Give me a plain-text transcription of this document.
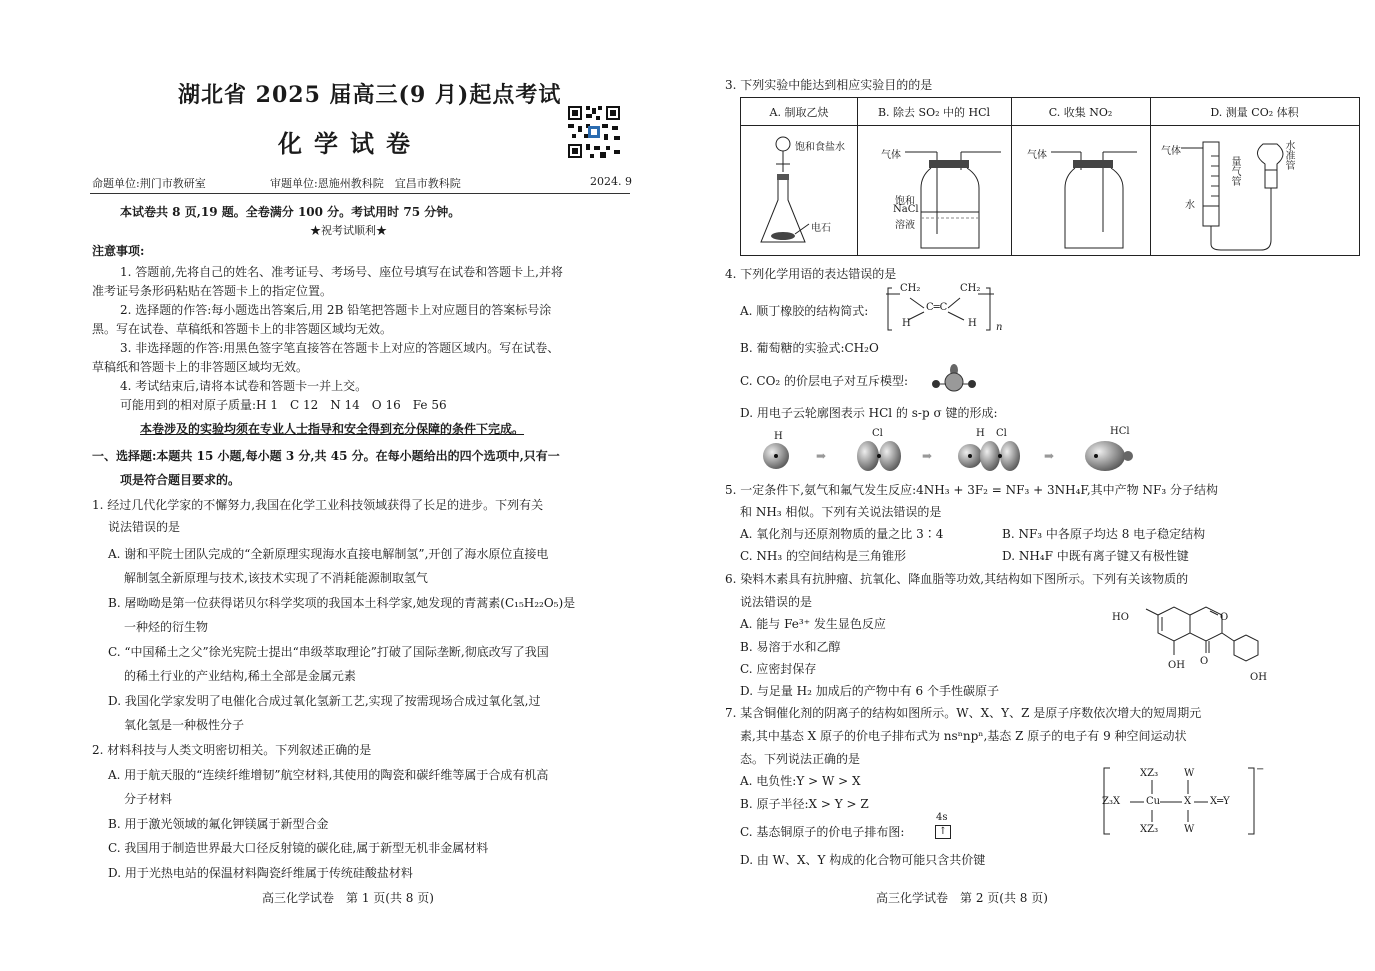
湖北省 2025 届高三(9 月)起点考试
化学试卷
命题单位:荆门市教研室	审题单位:恩施州教科院　宜昌市教科院	2024. 9
本试卷共 8 页,19 题。全卷满分 100 分。考试用时 75 分钟。
★祝考试顺利★
注意事项:
1. 答题前,先将自己的姓名、准考证号、考场号、座位号填写在试卷和答题卡上,并将
准考证号条形码粘贴在答题卡上的指定位置。
2. 选择题的作答:每小题选出答案后,用 2B 铅笔把答题卡上对应题目的答案标号涂
黑。写在试卷、草稿纸和答题卡上的非答题区域均无效。
3. 非选择题的作答:用黑色签字笔直接答在答题卡上对应的答题区域内。写在试卷、
草稿纸和答题卡上的非答题区域均无效。
4. 考试结束后,请将本试卷和答题卡一并上交。
可能用到的相对原子质量:H 1　C 12　N 14　O 16　Fe 56
本卷涉及的实验均须在专业人士指导和安全得到充分保障的条件下完成。
一、选择题:本题共 15 小题,每小题 3 分,共 45 分。在每小题给出的四个选项中,只有一
项是符合题目要求的。
1. 经过几代化学家的不懈努力,我国在化学工业科技领域获得了长足的进步。下列有关
说法错误的是
A. 谢和平院士团队完成的“全新原理实现海水直接电解制氢”,开创了海水原位直接电
解制氢全新原理与技术,该技术实现了不消耗能源制取氢气
B. 屠呦呦是第一位获得诺贝尔科学奖项的我国本土科学家,她发现的青蒿素(C₁₅H₂₂O₅)是
一种烃的衍生物
C. “中国稀土之父”徐光宪院士提出“串级萃取理论”打破了国际垄断,彻底改写了我国
的稀土行业的产业结构,稀土全部是金属元素
D. 我国化学家发明了电催化合成过氧化氢新工艺,实现了按需现场合成过氧化氢,过
氧化氢是一种极性分子
2. 材料科技与人类文明密切相关。下列叙述正确的是
A. 用于航天服的“连续纤维增韧”航空材料,其使用的陶瓷和碳纤维等属于合成有机高
分子材料
B. 用于激光领域的氟化钾镁属于新型合金
C. 我国用于制造世界最大口径反射镜的碳化硅,属于新型无机非金属材料
D. 用于光热电站的保温材料陶瓷纤维属于传统硅酸盐材料
高三化学试卷　第 1 页(共 8 页)
3. 下列实验中能达到相应实验目的的是
A. 制取乙炔	B. 除去 SO₂ 中的 HCl	C. 收集 NO₂	D. 测量 CO₂ 体积
饱和食盐水
电石
气体
饱和
NaCl
溶液
气体	气体
量气管
水
水准管
4. 下列化学用语的表达错误的是
A. 顺丁橡胶的结构简式:
CH₂	CH₂
H	H
C═C
n
B. 葡萄糖的实验式:CH₂O
C. CO₂ 的价层电子对互斥模型:
D. 用电子云轮廓图表示 HCl 的 s-p σ 键的形成:
➡	➡	➡
H	Cl	H Cl	HCl
5. 一定条件下,氨气和氟气发生反应:4NH₃ + 3F₂ = NF₃ + 3NH₄F,其中产物 NF₃ 分子结构
和 NH₃ 相似。下列有关说法错误的是
A. 氧化剂与还原剂物质的量之比 3∶4	B. NF₃ 中各原子均达 8 电子稳定结构
C. NH₃ 的空间结构是三角锥形	D. NH₄F 中既有离子键又有极性键
6. 染料木素具有抗肿瘤、抗氧化、降血脂等功效,其结构如下图所示。下列有关该物质的
说法错误的是
A. 能与 Fe³⁺ 发生显色反应
B. 易溶于水和乙醇
C. 应密封保存
D. 与足量 H₂ 加成后的产物中有 6 个手性碳原子
HO	O
OH O
OH
7. 某含铜催化剂的阴离子的结构如图所示。W、X、Y、Z 是原子序数依次增大的短周期元
素,其中基态 X 原子的价电子排布式为 nsⁿnpⁿ,基态 Z 原子的电子有 9 种空间运动状
态。下列说法正确的是
A. 电负性:Y > W > X
B. 原子半径:X > Y > Z
C. 基态铜原子的价电子排布图:
4s
↑
D. 由 W、X、Y 构成的化合物可能只含共价键
XZ₃	W
Z₃X	Cu X X═Y
XZ₃	W
−
高三化学试卷　第 2 页(共 8 页)
